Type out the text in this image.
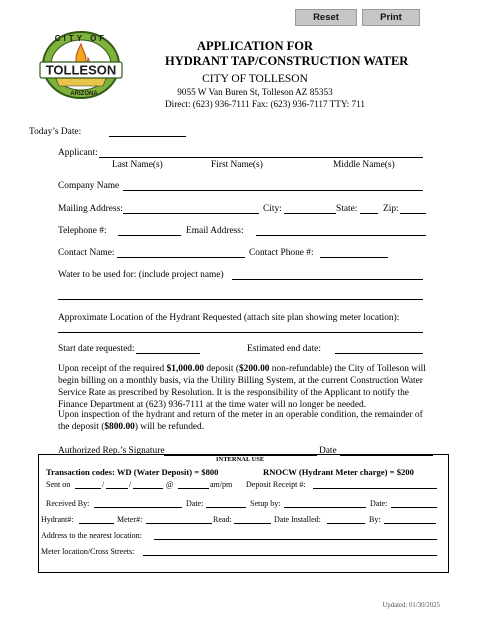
Reset	Print
TOLLESON
CITY OF
ARIZONA
APPLICATION FOR
HYDRANT TAP/CONSTRUCTION WATER
CITY OF TOLLESON
9055 W Van Buren St, Tolleson AZ 85353
Direct: (623) 936-7111 Fax: (623) 936-7117 TTY: 711
Today’s Date:
Applicant:
Last Name(s)	First Name(s)	Middle Name(s)
Company Name
Mailing Address:	City:	State:	Zip:
Telephone #:	Email Address:
Contact Name:	Contact Phone #:
Water to be used for: (include project name)
Approximate Location of the Hydrant Requested (attach site plan showing meter location):
Start date requested:	Estimated end date:
Upon receipt of the required $1,000.00 deposit ($200.00 non-refundable) the City of Tolleson will begin billing on a monthly basis, via the Utility Billing System, at the current Construction Water Service Rate as prescribed by Resolution. It is the responsibility of the Applicant to notify the Finance Department at (623) 936-7111 at the time water will no longer be needed.
Upon inspection of the hydrant and return of the meter in an operable condition, the remainder of the deposit ($800.00) will be refunded.
Authorized Rep.’s Signature	Date
INTERNAL USE
Transaction codes: WD (Water Deposit) = $800	RNOCW (Hydrant Meter charge) = $200
Sent on	/	/	@	am/pm Deposit Receipt #:
Received By:	Date:	Setup by:	Date:
Hydrant#:	Meter#:	Read:	Date Installed:	By:
Address to the nearest location:
Meter location/Cross Streets:
Updated: 01/30/2025
